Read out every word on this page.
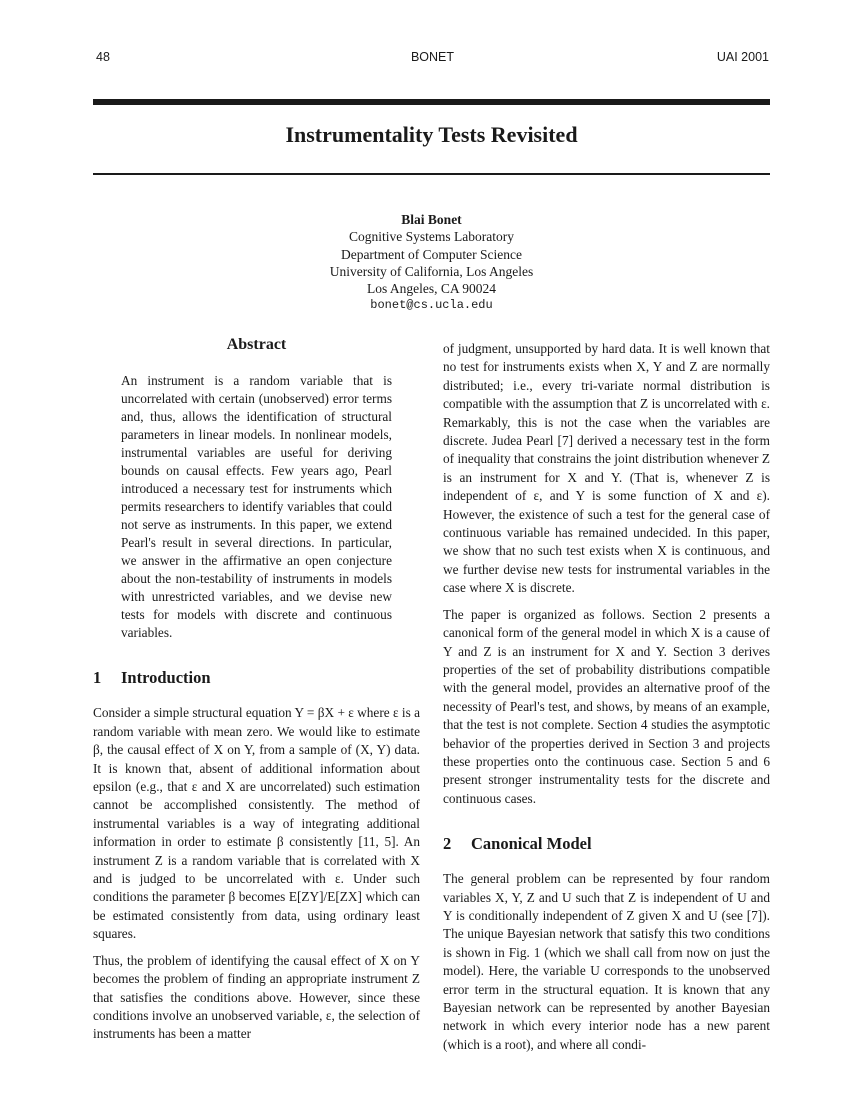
48	BONET	UAI 2001
Instrumentality Tests Revisited
Blai Bonet
Cognitive Systems Laboratory
Department of Computer Science
University of California, Los Angeles
Los Angeles, CA 90024
bonet@cs.ucla.edu
Abstract

An instrument is a random variable that is uncorrelated with certain (unobserved) error terms and, thus, allows the identification of structural parameters in linear models. In nonlinear models, instrumental variables are useful for deriving bounds on causal effects. Few years ago, Pearl introduced a necessary test for instruments which permits researchers to identify variables that could not serve as instruments. In this paper, we extend Pearl's result in several directions. In particular, we answer in the affirmative an open conjecture about the non-testability of instruments in models with unrestricted variables, and we devise new tests for models with discrete and continuous variables.

1 Introduction

Consider a simple structural equation Y = βX + ε where ε is a random variable with mean zero. We would like to estimate β, the causal effect of X on Y, from a sample of (X, Y) data. It is known that, absent of additional information about epsilon (e.g., that ε and X are uncorrelated) such estimation cannot be accomplished consistently. The method of instrumental variables is a way of integrating additional information in order to estimate β consistently [11, 5]. An instrument Z is a random variable that is correlated with X and is judged to be uncorrelated with ε. Under such conditions the parameter β becomes E[ZY]/E[ZX] which can be estimated consistently from data, using ordinary least squares.

Thus, the problem of identifying the causal effect of X on Y becomes the problem of finding an appropriate instrument Z that satisfies the conditions above. However, since these conditions involve an unobserved variable, ε, the selection of instruments has been a matter

of judgment, unsupported by hard data. It is well known that no test for instruments exists when X, Y and Z are normally distributed; i.e., every tri-variate normal distribution is compatible with the assumption that Z is uncorrelated with ε. Remarkably, this is not the case when the variables are discrete. Judea Pearl [7] derived a necessary test in the form of inequality that constrains the joint distribution whenever Z is an instrument for X and Y. (That is, whenever Z is independent of ε, and Y is some function of X and ε). However, the existence of such a test for the general case of continuous variable has remained undecided. In this paper, we show that no such test exists when X is continuous, and we further devise new tests for instrumental variables in the case where X is discrete.

The paper is organized as follows. Section 2 presents a canonical form of the general model in which X is a cause of Y and Z is an instrument for X and Y. Section 3 derives properties of the set of probability distributions compatible with the general model, provides an alternative proof of the necessity of Pearl's test, and shows, by means of an example, that the test is not complete. Section 4 studies the asymptotic behavior of the properties derived in Section 3 and projects these properties onto the continuous case. Section 5 and 6 present stronger instrumentality tests for the discrete and continuous cases.

2 Canonical Model

The general problem can be represented by four random variables X, Y, Z and U such that Z is independent of U and Y is conditionally independent of Z given X and U (see [7]). The unique Bayesian network that satisfy this two conditions is shown in Fig. 1 (which we shall call from now on just the model). Here, the variable U corresponds to the unobserved error term in the structural equation. It is known that any Bayesian network can be represented by another Bayesian network in which every interior node has a new parent (which is a root), and where all condi-
